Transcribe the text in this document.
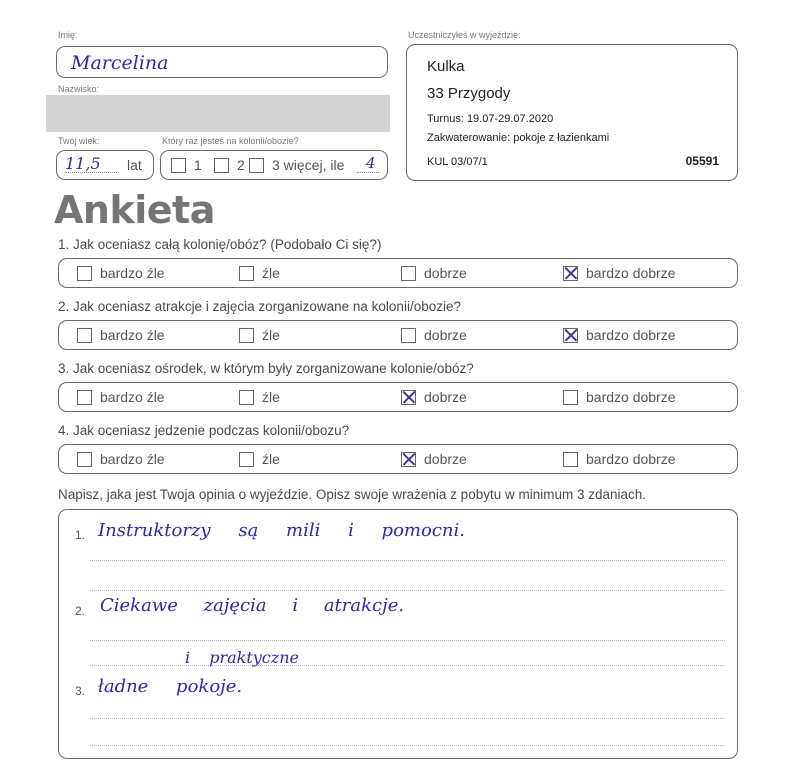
Imię:
Marcelina
Nazwisko:
Twój wiek:
11,5 lat
Który raz jesteś na kolonii/obozie?
1	2 3 więcej, ile 4
Uczestniczyłeś w wyjeździe:
Kulka
33 Przygody
Turnus: 19.07-29.07.2020
Zakwaterowanie: pokoje z łazienkami
KUL 03/07/1	05591
Ankieta
1. Jak oceniasz całą kolonię/obóz? (Podobało Ci się?)
bardzo źle	źle	dobrze	bardzo dobrze
2. Jak oceniasz atrakcje i zajęcia zorganizowane na kolonii/obozie?
bardzo źle	źle	dobrze	bardzo dobrze
3. Jak oceniasz ośrodek, w którym były zorganizowane kolonie/obóz?
bardzo źle	źle	dobrze	bardzo dobrze
4. Jak oceniasz jedzenie podczas kolonii/obozu?
bardzo źle	źle	dobrze	bardzo dobrze
Napisz, jaka jest Twoja opinia o wyjeździe. Opisz swoje wrażenia z pobytu w minimum 3 zdaniach.
1. Instruktorzy są mili i pomocni.
2. Ciekawe zajęcia i atrakcje.
i praktyczne
3. ładne pokoje.
